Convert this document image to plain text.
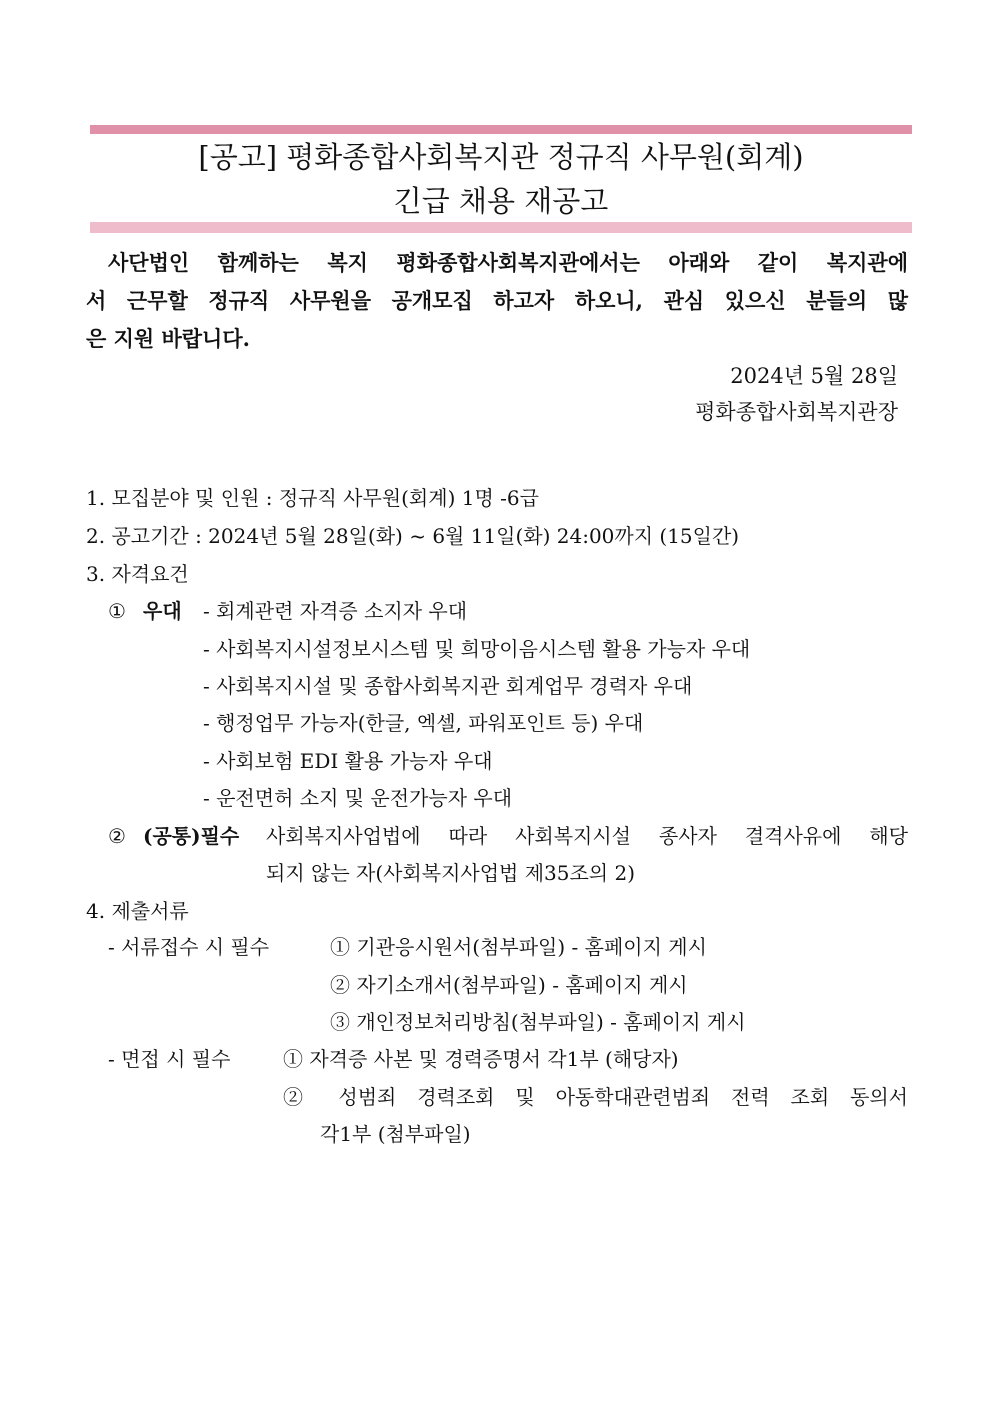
[공고] 평화종합사회복지관 정규직 사무원(회계)
긴급 채용 재공고
사단법인 함께하는 복지 평화종합사회복지관에서는 아래와 같이 복지관에
서 근무할 정규직 사무원을 공개모집 하고자 하오니, 관심 있으신 분들의 많
은 지원 바랍니다.
2024년 5월 28일
평화종합사회복지관장
1. 모집분야 및 인원 : 정규직 사무원(회계) 1명 -6급
2. 공고기간 : 2024년 5월 28일(화) ~ 6월 11일(화) 24:00까지 (15일간)
3. 자격요건
① 우대 - 회계관련 자격증 소지자 우대
- 사회복지시설정보시스템 및 희망이음시스템 활용 가능자 우대
- 사회복지시설 및 종합사회복지관 회계업무 경력자 우대
- 행정업무 가능자(한글, 엑셀, 파워포인트 등) 우대
- 사회보험 EDI 활용 가능자 우대
- 운전면허 소지 및 운전가능자 우대
② (공통)필수 사회복지사업법에 따라 사회복지시설 종사자 결격사유에 해당
되지 않는 자(사회복지사업법 제35조의 2)
4. 제출서류
- 서류접수 시 필수	① 기관응시원서(첨부파일) - 홈페이지 게시
② 자기소개서(첨부파일) - 홈페이지 게시
③ 개인정보처리방침(첨부파일) - 홈페이지 게시
- 면접 시 필수	① 자격증 사본 및 경력증명서 각1부 (해당자)
② 성범죄 경력조회 및 아동학대관련범죄 전력 조회 동의서
각1부 (첨부파일)
